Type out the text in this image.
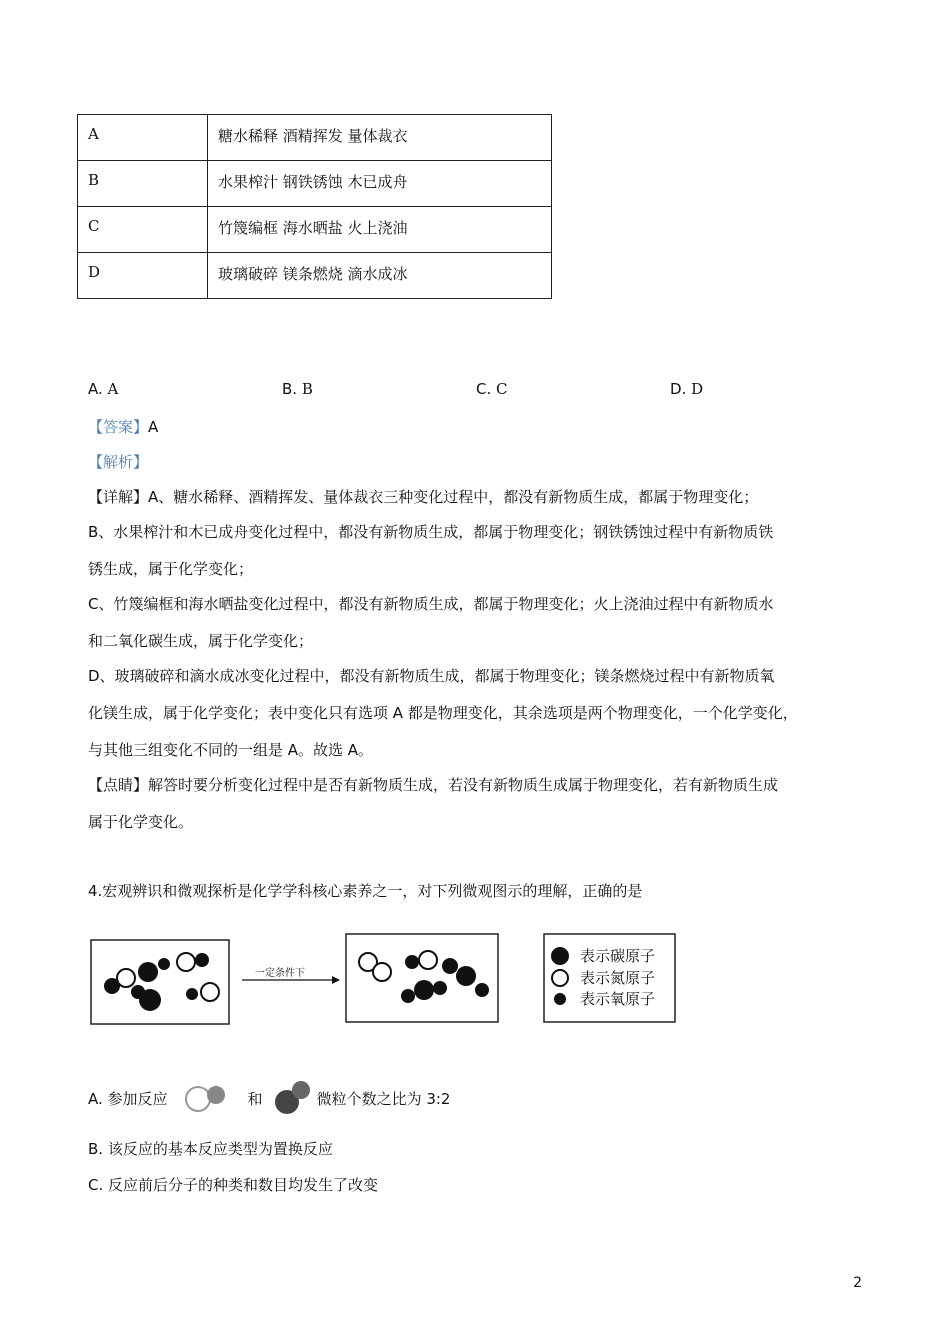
A	糖水稀释 酒精挥发 量体裁衣
B	水果榨汁 钢铁锈蚀 木已成舟
C	竹篾编框 海水晒盐 火上浇油
D	玻璃破碎 镁条燃烧 滴水成冰
A. A	B. B	C. C	D. D
【答案】A
【解析】
【详解】A、糖水稀释、酒精挥发、量体裁衣三种变化过程中，都没有新物质生成，都属于物理变化；
B、水果榨汁和木已成舟变化过程中，都没有新物质生成，都属于物理变化；钢铁锈蚀过程中有新物质铁
锈生成，属于化学变化；
C、竹篾编框和海水晒盐变化过程中，都没有新物质生成，都属于物理变化；火上浇油过程中有新物质水
和二氧化碳生成，属于化学变化；
D、玻璃破碎和滴水成冰变化过程中，都没有新物质生成，都属于物理变化；镁条燃烧过程中有新物质氧
化镁生成，属于化学变化；表中变化只有选项 A 都是物理变化，其余选项是两个物理变化，一个化学变化，
与其他三组变化不同的一组是 A。故选 A。
【点睛】解答时要分析变化过程中是否有新物质生成，若没有新物质生成属于物理变化，若有新物质生成
属于化学变化。
4.宏观辨识和微观探析是化学学科核心素养之一，对下列微观图示的理解，正确的是
一定条件下
表示碳原子
表示氮原子
表示氧原子
A. 参加反应	和	微粒个数之比为 3:2
B. 该反应的基本反应类型为置换反应
C. 反应前后分子的种类和数目均发生了改变
2
